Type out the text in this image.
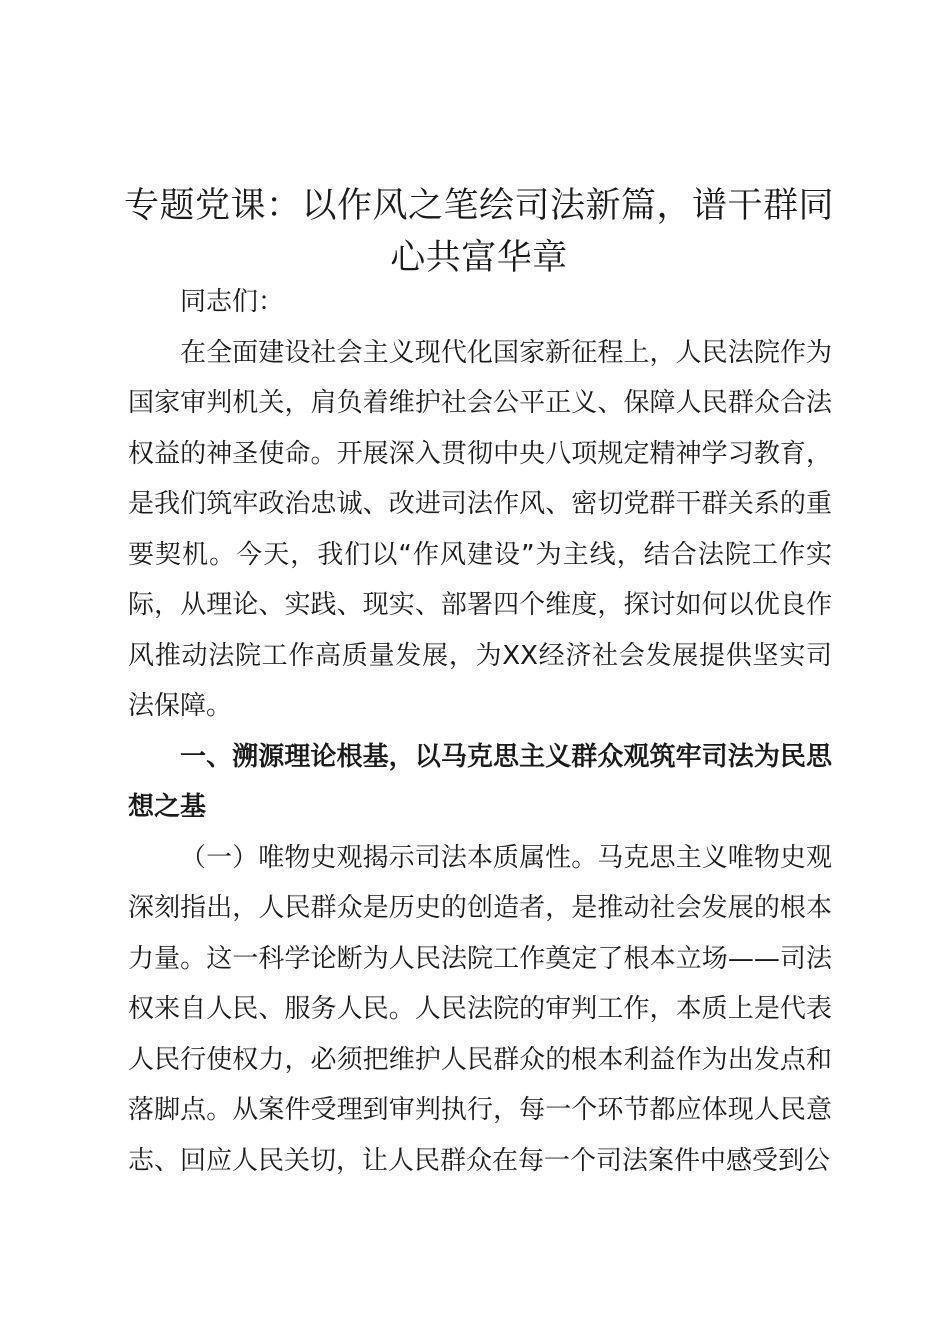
专题党课：以作风之笔绘司法新篇，谱干群同心共富华章

同志们：

在全面建设社会主义现代化国家新征程上，人民法院作为国家审判机关，肩负着维护社会公平正义、保障人民群众合法权益的神圣使命。开展深入贯彻中央八项规定精神学习教育，是我们筑牢政治忠诚、改进司法作风、密切党群干群关系的重要契机。今天，我们以“作风建设”为主线，结合法院工作实际，从理论、实践、现实、部署四个维度，探讨如何以优良作风推动法院工作高质量发展，为XX经济社会发展提供坚实司法保障。

一、溯源理论根基，以马克思主义群众观筑牢司法为民思想之基

（一）唯物史观揭示司法本质属性。马克思主义唯物史观深刻指出，人民群众是历史的创造者，是推动社会发展的根本力量。这一科学论断为人民法院工作奠定了根本立场——司法权来自人民、服务人民。人民法院的审判工作，本质上是代表人民行使权力，必须把维护人民群众的根本利益作为出发点和落脚点。从案件受理到审判执行，每一个环节都应体现人民意志、回应人民关切，让人民群众在每一个司法案件中感受到公
